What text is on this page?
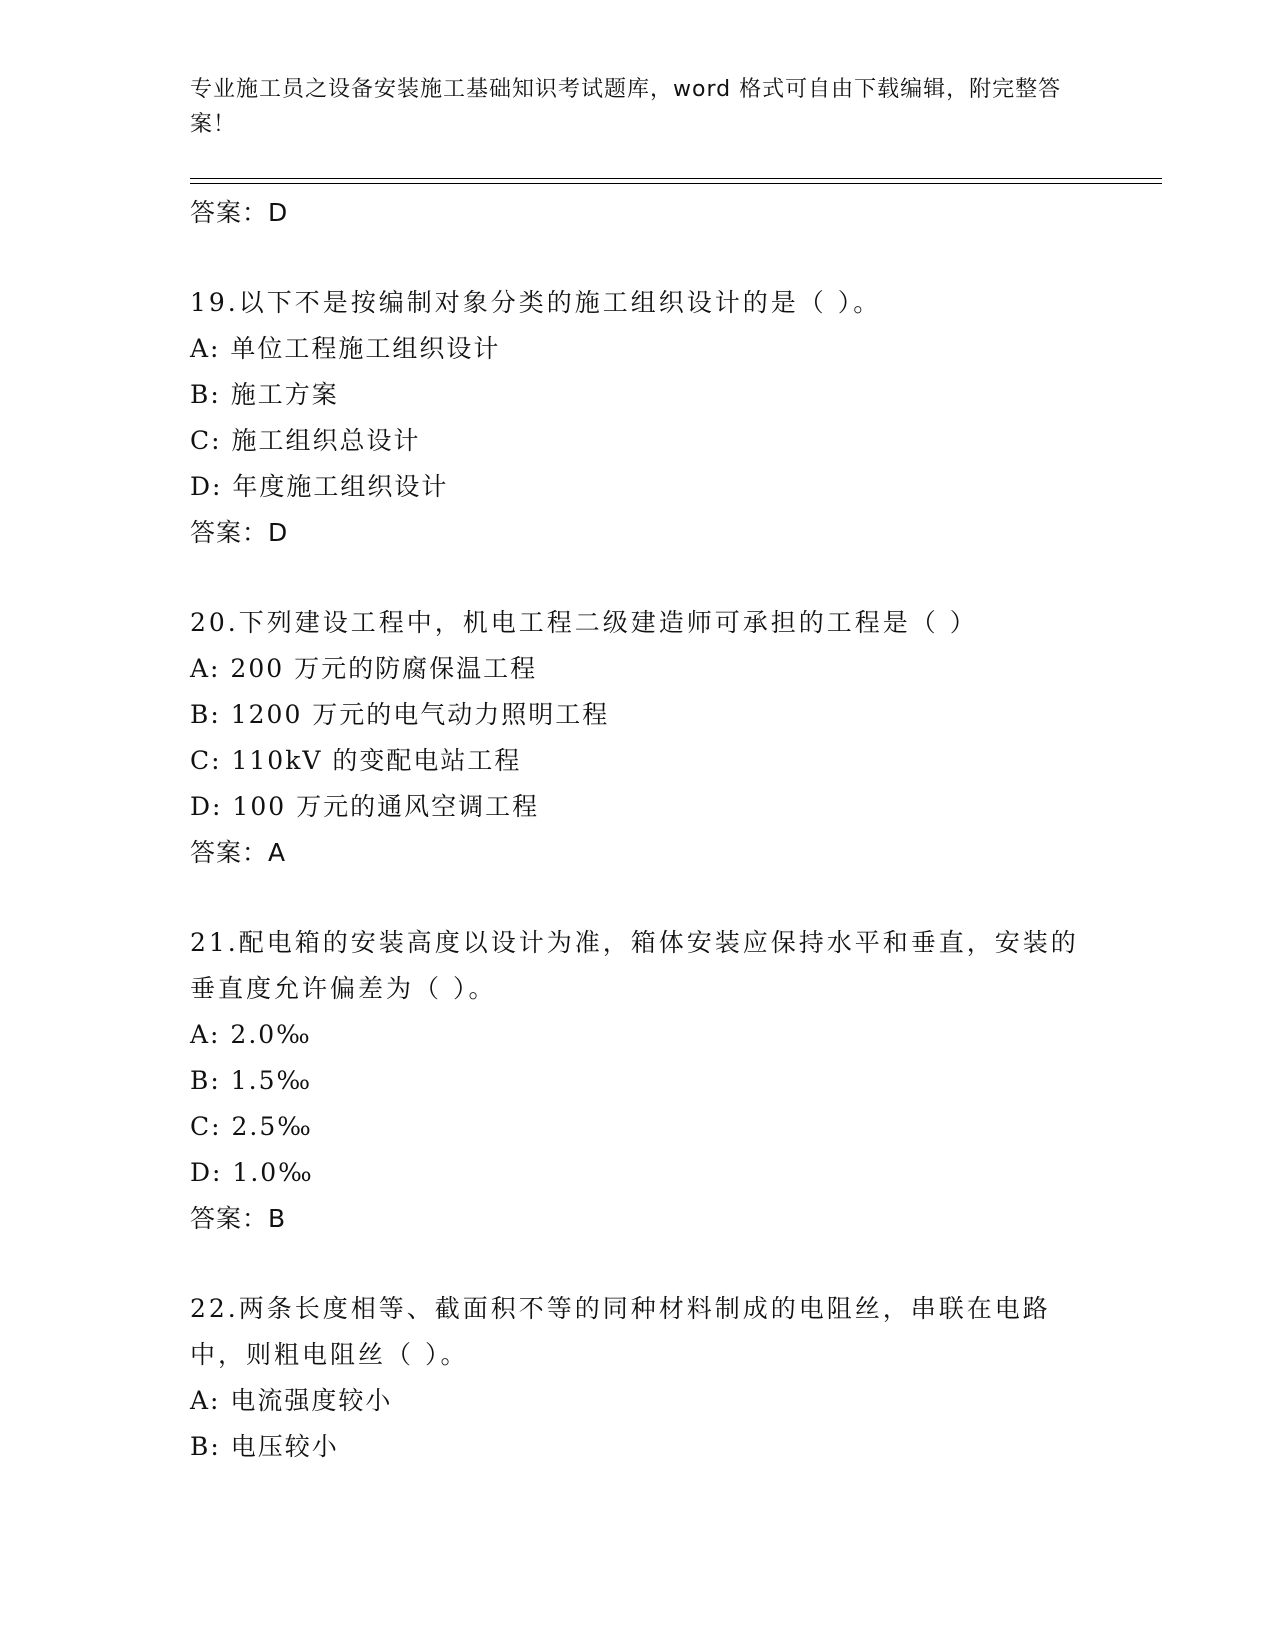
专业施工员之设备安装施工基础知识考试题库，word 格式可自由下载编辑，附完整答案！
答案：D
19.以下不是按编制对象分类的施工组织设计的是（ ）。
A: 单位工程施工组织设计
B: 施工方案
C: 施工组织总设计
D: 年度施工组织设计
答案：D
20.下列建设工程中，机电工程二级建造师可承担的工程是（ ）
A: 200 万元的防腐保温工程
B: 1200 万元的电气动力照明工程
C: 110kV 的变配电站工程
D: 100 万元的通风空调工程
答案：A
21.配电箱的安装高度以设计为准，箱体安装应保持水平和垂直，安装的垂直度允许偏差为（ ）。
A: 2.0‰
B: 1.5‰
C: 2.5‰
D: 1.0‰
答案：B
22.两条长度相等、截面积不等的同种材料制成的电阻丝，串联在电路中，则粗电阻丝（ ）。
A: 电流强度较小
B: 电压较小
